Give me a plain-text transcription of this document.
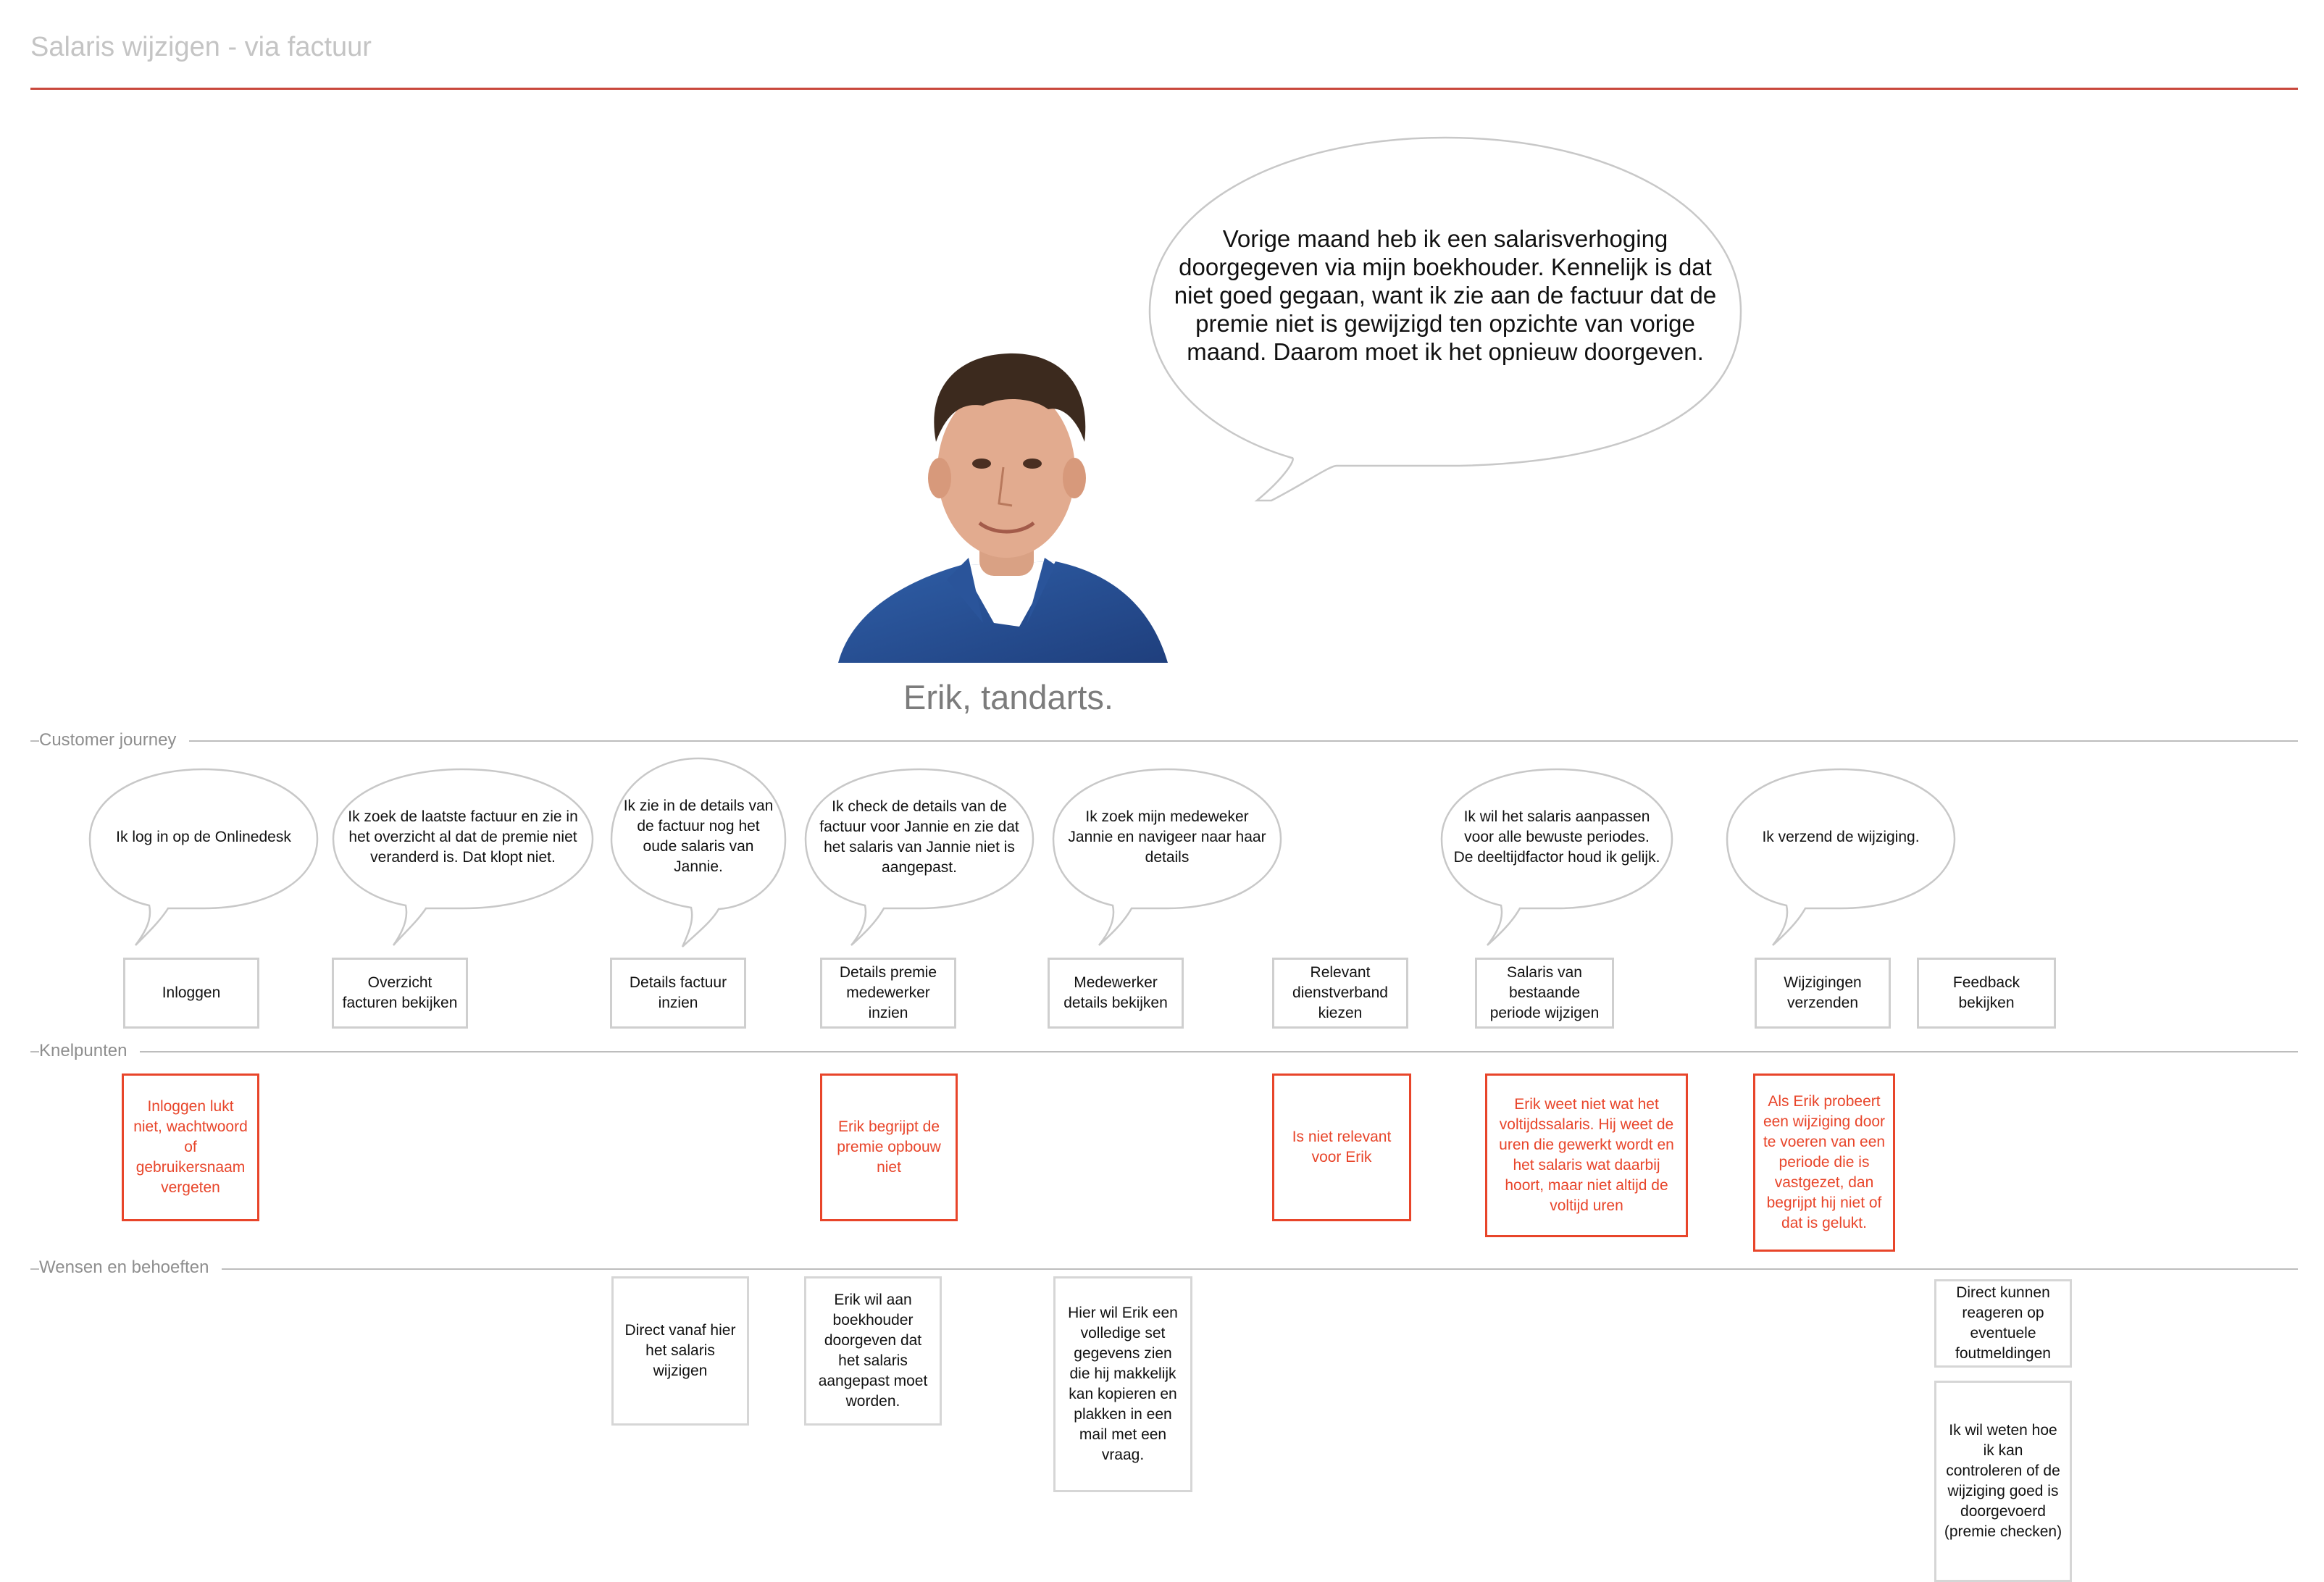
Salaris wijzigen - via factuur
Vorige maand heb ik een salarisverhoging doorgegeven via mijn boekhouder. Kennelijk is dat niet goed gegaan, want ik zie aan de factuur dat de premie niet is gewijzigd ten opzichte van vorige maand. Daarom moet ik het opnieuw doorgeven.
Erik, tandarts.
Customer journey
Ik log in op de Onlinedesk
Ik zoek de laatste factuur en zie in het overzicht al dat de premie niet veranderd is. Dat klopt niet.
Ik zie in de details van de factuur nog het oude salaris van Jannie.
Ik check de details van de factuur voor Jannie en zie dat het salaris van Jannie niet is aangepast.
Ik zoek mijn medeweker Jannie en navigeer naar haar details
Ik wil het salaris aanpassen voor alle bewuste periodes. De deeltijdfactor houd ik gelijk.
Ik verzend de wijziging.
Inloggen
Overzicht facturen bekijken
Details factuur inzien
Details premie medewerker inzien
Medewerker details bekijken
Relevant dienstverband kiezen
Salaris van bestaande periode wijzigen
Wijzigingen verzenden
Feedback bekijken
Knelpunten
Inloggen lukt niet, wachtwoord of gebruikersnaam vergeten
Erik begrijpt de premie opbouw niet
Is niet relevant voor Erik
Erik weet niet wat het voltijdssalaris. Hij weet de uren die gewerkt wordt en het salaris wat daarbij hoort, maar niet altijd de voltijd uren
Als Erik probeert een wijziging door te voeren van een periode die is vastgezet, dan begrijpt hij niet of dat is gelukt.
Wensen en behoeften
Direct vanaf hier het salaris wijzigen
Erik wil aan boekhouder doorgeven dat het salaris aangepast moet worden.
Hier wil Erik een volledige set gegevens zien die hij makkelijk kan kopieren en plakken in een mail met een vraag.
Direct kunnen reageren op eventuele foutmeldingen
Ik wil weten hoe ik kan controleren of de wijziging goed is doorgevoerd (premie checken)
